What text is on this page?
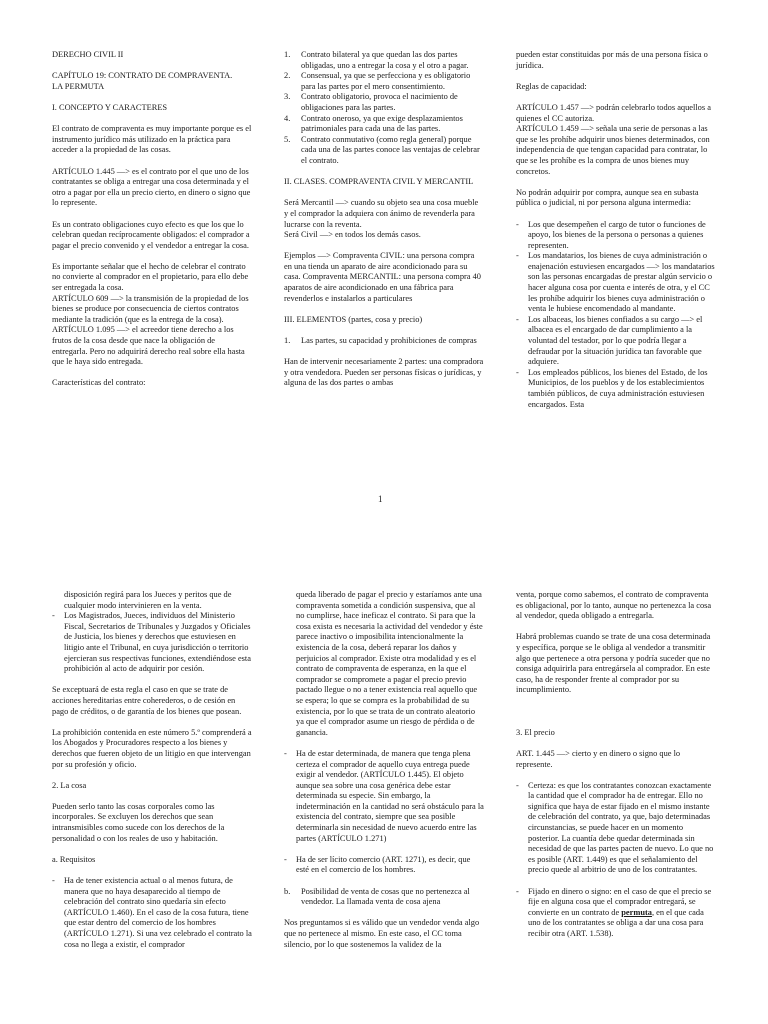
DERECHO CIVIL II

CAPÍTULO 19: CONTRATO DE COMPRAVENTA.

LA PERMUTA

I. CONCEPTO Y CARACTERES

El contrato de compraventa es muy importante porque es el instrumento jurídico más utilizado en la práctica para acceder a la propiedad de las cosas.

ARTÍCULO 1.445 —> es el contrato por el que uno de los contratantes se obliga a entregar una cosa determinada y el otro a pagar por ella un precio cierto, en dinero o signo que lo represente.

Es un contrato obligaciones cuyo efecto es que los que lo celebran quedan recíprocamente obligados: el comprador a pagar el precio convenido y el vendedor a entregar la cosa.

Es importante señalar que el hecho de celebrar el contrato no convierte al comprador en el propietario, para ello debe ser entregada la cosa.

ARTÍCULO 609 —> la transmisión de la propiedad de los bienes se produce por consecuencia de ciertos contratos mediante la tradición (que es la entrega de la cosa).

ARTÍCULO 1.095 —> el acreedor tiene derecho a los frutos de la cosa desde que nace la obligación de entregarla. Pero no adquirirá derecho real sobre ella hasta que le haya sido entregada.

Características del contrato:

1. Contrato bilateral ya que quedan las dos partes obligadas, uno a entregar la cosa y el otro a pagar.
2. Consensual, ya que se perfecciona y es obligatorio para las partes por el mero consentimiento.
3. Contrato obligatorio, provoca el nacimiento de obligaciones para las partes.
4. Contrato oneroso, ya que exige desplazamientos patrimoniales para cada una de las partes.
5. Contrato conmutativo (como regla general) porque cada una de las partes conoce las ventajas de celebrar el contrato.

II. CLASES. COMPRAVENTA CIVIL Y MERCANTIL

Será Mercantil —> cuando su objeto sea una cosa mueble y el comprador la adquiera con ánimo de revenderla para lucrarse con la reventa.

Será Civil —> en todos los demás casos.

Ejemplos —> Compraventa CIVIL: una persona compra en una tienda un aparato de aire acondicionado para su casa. Compraventa MERCANTIL: una persona compra 40 aparatos de aire acondicionado en una fábrica para revenderlos e instalarlos a particulares

III. ELEMENTOS (partes, cosa y precio)

1. Las partes, su capacidad y prohibiciones de compras

Han de intervenir necesariamente 2 partes: una compradora y otra vendedora. Pueden ser personas físicas o jurídicas, y alguna de las dos partes o ambas

pueden estar constituidas por más de una persona física o jurídica.

Reglas de capacidad:

ARTÍCULO 1.457 —> podrán celebrarlo todos aquellos a quienes el CC autoriza.

ARTÍCULO 1.459 —> señala una serie de personas a las que se les prohíbe adquirir unos bienes determinados, con independencia de que tengan capacidad para contratar, lo que se les prohíbe es la compra de unos bienes muy concretos.

No podrán adquirir por compra, aunque sea en subasta pública o judicial, ni por persona alguna intermedia:

- Los que desempeñen el cargo de tutor o funciones de apoyo, los bienes de la persona o personas a quienes representen.
- Los mandatarios, los bienes de cuya administración o enajenación estuviesen encargados —> los mandatarios son las personas encargadas de prestar algún servicio o hacer alguna cosa por cuenta e interés de otra, y el CC les prohíbe adquirir los bienes cuya administración o venta le hubiese encomendado al mandante.
- Los albaceas, los bienes confiados a su cargo —> el albacea es el encargado de dar cumplimiento a la voluntad del testador, por lo que podría llegar a defraudar por la situación jurídica tan favorable que adquiere.
- Los empleados públicos, los bienes del Estado, de los Municipios, de los pueblos y de los establecimientos también públicos, de cuya administración estuviesen encargados. Esta
1

disposición regirá para los Jueces y peritos que de cualquier modo intervinieren en la venta.

- Los Magistrados, Jueces, individuos del Ministerio Fiscal, Secretarios de Tribunales y Juzgados y Oficiales de Justicia, los bienes y derechos que estuviesen en litigio ante el Tribunal, en cuya jurisdicción o territorio ejercieran sus respectivas funciones, extendiéndose esta prohibición al acto de adquirir por cesión.

Se exceptuará de esta regla el caso en que se trate de acciones hereditarias entre coherederos, o de cesión en pago de créditos, o de garantía de los bienes que posean.

La prohibición contenida en este número 5.º comprenderá a los Abogados y Procuradores respecto a los bienes y derechos que fueren objeto de un litigio en que intervengan por su profesión y oficio.

2. La cosa

Pueden serlo tanto las cosas corporales como las incorporales. Se excluyen los derechos que sean intransmisibles como sucede con los derechos de la personalidad o con los reales de uso y habitación.

a. Requisitos

- Ha de tener existencia actual o al menos futura, de manera que no haya desaparecido al tiempo de celebración del contrato sino quedaría sin efecto (ARTÍCULO 1.460). En el caso de la cosa futura, tiene que estar dentro del comercio de los hombres (ARTÍCULO 1.271). Si una vez celebrado el contrato la cosa no llega a existir, el comprador

queda liberado de pagar el precio y estaríamos ante una compraventa sometida a condición suspensiva, que al no cumplirse, hace ineficaz el contrato. Si para que la cosa exista es necesaria la actividad del vendedor y éste parece inactivo o imposibilita intencionalmente la existencia de la cosa, deberá reparar los daños y perjuicios al comprador. Existe otra modalidad y es el contrato de compraventa de esperanza, en la que el comprador se compromete a pagar el precio previo pactado llegue o no a tener existencia real aquello que se espera; lo que se compra es la probabilidad de su existencia, por lo que se trata de un contrato aleatorio ya que el comprador asume un riesgo de pérdida o de ganancia.

- Ha de estar determinada, de manera que tenga plena certeza el comprador de aquello cuya entrega puede exigir al vendedor. (ARTÍCULO 1.445). El objeto aunque sea sobre una cosa genérica debe estar determinada su especie. Sin embargo, la indeterminación en la cantidad no será obstáculo para la existencia del contrato, siempre que sea posible determinarla sin necesidad de nuevo acuerdo entre las partes (ARTÍCULO 1.271)
- Ha de ser lícito comercio (ART. 1271), es decir, que esté en el comercio de los hombres.
b. Posibilidad de venta de cosas que no pertenezca al vendedor. La llamada venta de cosa ajena

Nos preguntamos si es válido que un vendedor venda algo que no pertenece al mismo. En este caso, el CC toma silencio, por lo que sostenemos la validez de la

venta, porque como sabemos, el contrato de compraventa es obligacional, por lo tanto, aunque no pertenezca la cosa al vendedor, queda obligado a entregarla.

Habrá problemas cuando se trate de una cosa determinada y específica, porque se le obliga al vendedor a transmitir algo que pertenece a otra persona y podría suceder que no consiga adquirirla para entregársela al comprador. En este caso, ha de responder frente al comprador por su incumplimiento.

3. El precio

ART. 1.445 —> cierto y en dinero o signo que lo represente.

- Certeza: es que los contratantes conozcan exactamente la cantidad que el comprador ha de entregar. Ello no significa que haya de estar fijado en el mismo instante de celebración del contrato, ya que, bajo determinadas circunstancias, se puede hacer en un momento posterior. La cuantía debe quedar determinada sin necesidad de que las partes pacten de nuevo. Lo que no es posible (ART. 1.449) es que el señalamiento del precio quede al arbitrio de uno de los contratantes.
- Fijado en dinero o signo: en el caso de que el precio se fije en alguna cosa que el comprador entregará, se convierte en un contrato de permuta, en el que cada uno de los contratantes se obliga a dar una cosa para recibir otra (ART. 1.538).
